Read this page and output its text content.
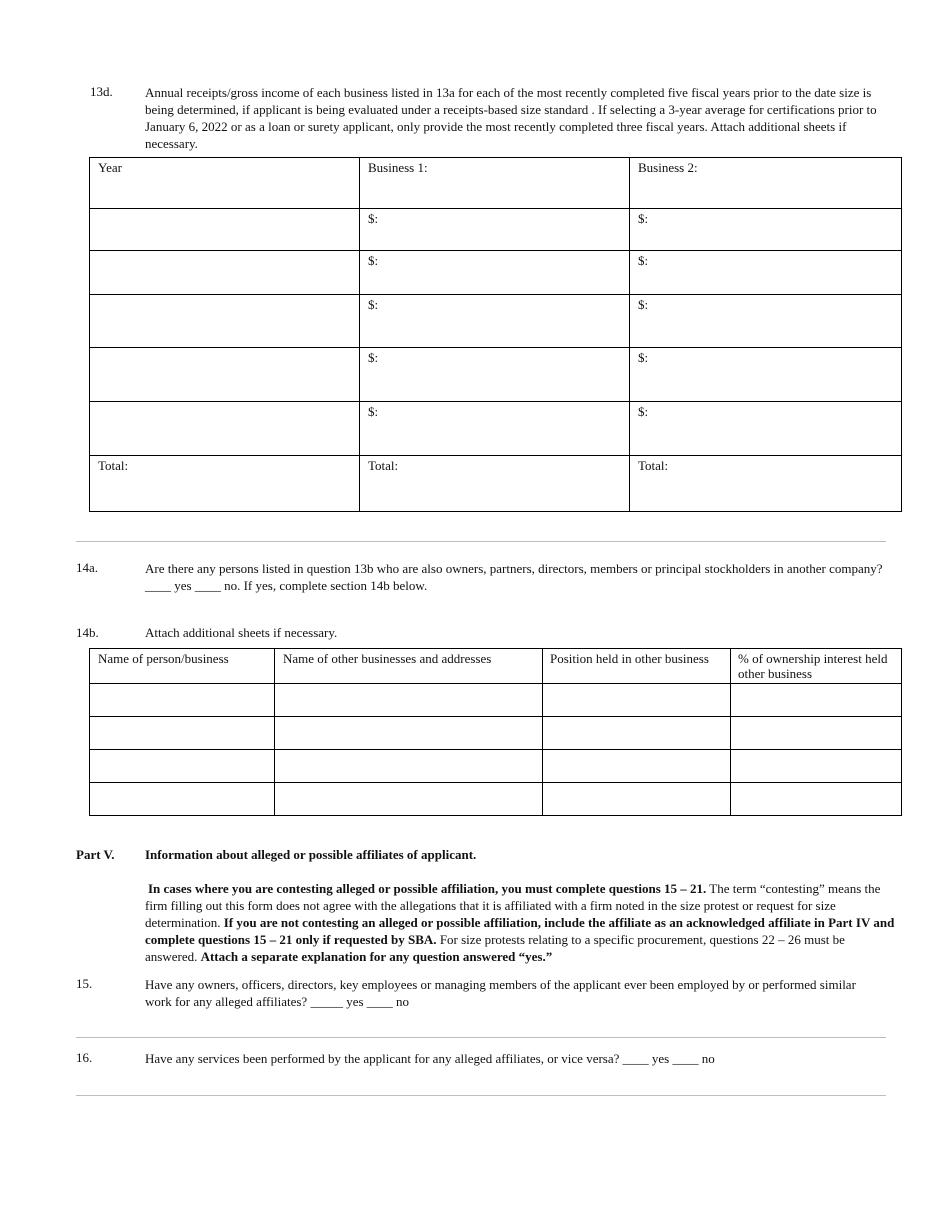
13d. Annual receipts/gross income of each business listed in 13a for each of the most recently completed five fiscal years prior to the date size is being determined, if applicant is being evaluated under a receipts-based size standard . If selecting a 3-year average for certifications prior to January 6, 2022 or as a loan or surety applicant, only provide the most recently completed three fiscal years. Attach additional sheets if necessary.
Year	Business 1:	Business 2:
	$:	$:
	$:	$:
	$:	$:
	$:	$:
	$:	$:
Total:	Total:	Total:
14a.	Are there any persons listed in question 13b who are also owners, partners, directors, members or principal stockholders in another company? ____ yes ____ no. If yes, complete section 14b below.
14b.	Attach additional sheets if necessary.
Name of person/business	Name of other businesses and addresses	Position held in other business	% of ownership interest held other business

Part V. Information about alleged or possible affiliates of applicant.
In cases where you are contesting alleged or possible affiliation, you must complete questions 15 – 21. The term “contesting” means the firm filling out this form does not agree with the allegations that it is affiliated with a firm noted in the size protest or request for size determination. If you are not contesting an alleged or possible affiliation, include the affiliate as an acknowledged affiliate in Part IV and complete questions 15 – 21 only if requested by SBA. For size protests relating to a specific procurement, questions 22 – 26 must be answered. Attach a separate explanation for any question answered “yes.”
15.	Have any owners, officers, directors, key employees or managing members of the applicant ever been employed by or performed similar work for any alleged affiliates? _____ yes ____ no
16.	Have any services been performed by the applicant for any alleged affiliates, or vice versa? ____ yes ____ no
